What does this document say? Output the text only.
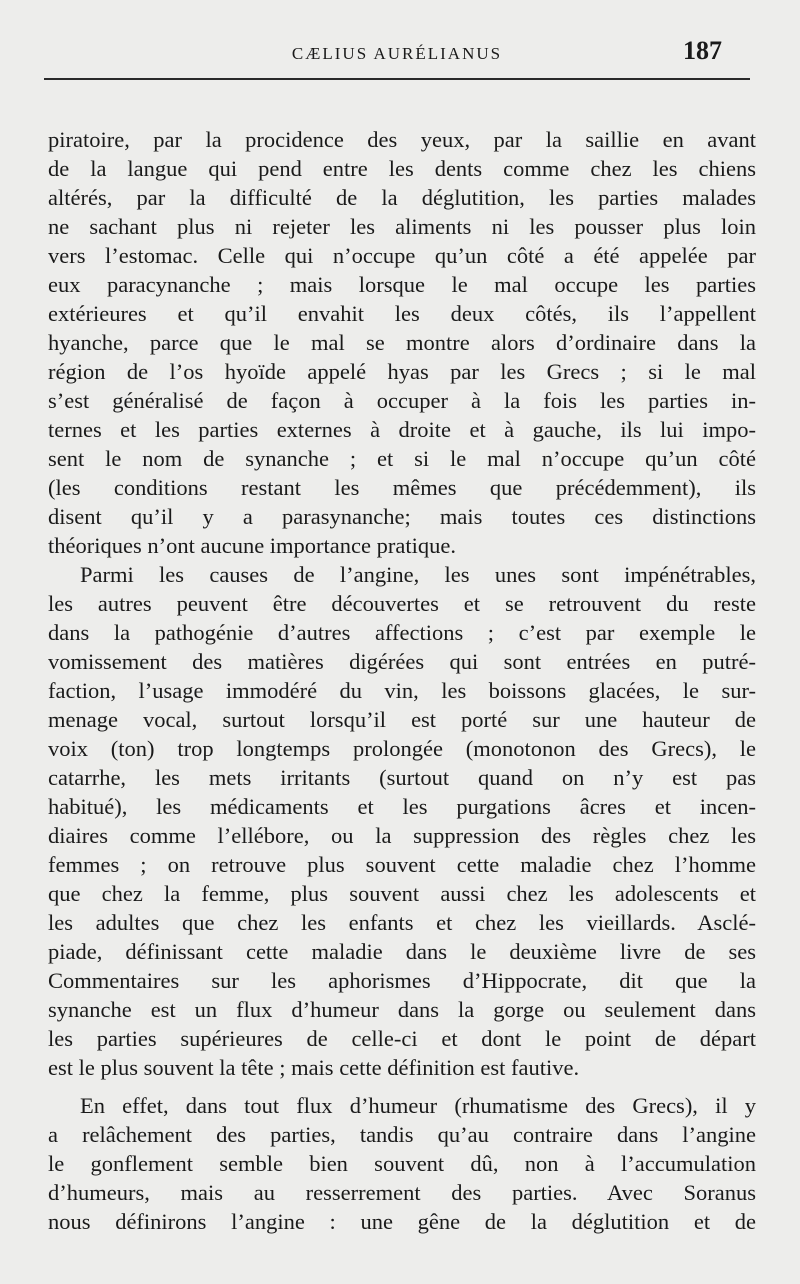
CÆLIUS AURÉLIANUS	187
piratoire, par la procidence des yeux, par la saillie en avant
de la langue qui pend entre les dents comme chez les chiens
altérés, par la difficulté de la déglutition, les parties malades
ne sachant plus ni rejeter les aliments ni les pousser plus loin
vers l’estomac. Celle qui n’occupe qu’un côté a été appelée par
eux paracynanche ; mais lorsque le mal occupe les parties
extérieures et qu’il envahit les deux côtés, ils l’appellent
hyanche, parce que le mal se montre alors d’ordinaire dans la
région de l’os hyoïde appelé hyas par les Grecs ; si le mal
s’est généralisé de façon à occuper à la fois les parties in-
ternes et les parties externes à droite et à gauche, ils lui impo-
sent le nom de synanche ; et si le mal n’occupe qu’un côté
(les conditions restant les mêmes que précédemment), ils
disent qu’il y a parasynanche; mais toutes ces distinctions
théoriques n’ont aucune importance pratique.
Parmi les causes de l’angine, les unes sont impénétrables,
les autres peuvent être découvertes et se retrouvent du reste
dans la pathogénie d’autres affections ; c’est par exemple le
vomissement des matières digérées qui sont entrées en putré-
faction, l’usage immodéré du vin, les boissons glacées, le sur-
menage vocal, surtout lorsqu’il est porté sur une hauteur de
voix (ton) trop longtemps prolongée (monotonon des Grecs), le
catarrhe, les mets irritants (surtout quand on n’y est pas
habitué), les médicaments et les purgations âcres et incen-
diaires comme l’ellébore, ou la suppression des règles chez les
femmes ; on retrouve plus souvent cette maladie chez l’homme
que chez la femme, plus souvent aussi chez les adolescents et
les adultes que chez les enfants et chez les vieillards. Asclé-
piade, définissant cette maladie dans le deuxième livre de ses
Commentaires sur les aphorismes d’Hippocrate, dit que la
synanche est un flux d’humeur dans la gorge ou seulement dans
les parties supérieures de celle-ci et dont le point de départ
est le plus souvent la tête ; mais cette définition est fautive.
En effet, dans tout flux d’humeur (rhumatisme des Grecs), il y
a relâchement des parties, tandis qu’au contraire dans l’angine
le gonflement semble bien souvent dû, non à l’accumulation
d’humeurs, mais au resserrement des parties. Avec Soranus
nous définirons l’angine : une gêne de la déglutition et de
